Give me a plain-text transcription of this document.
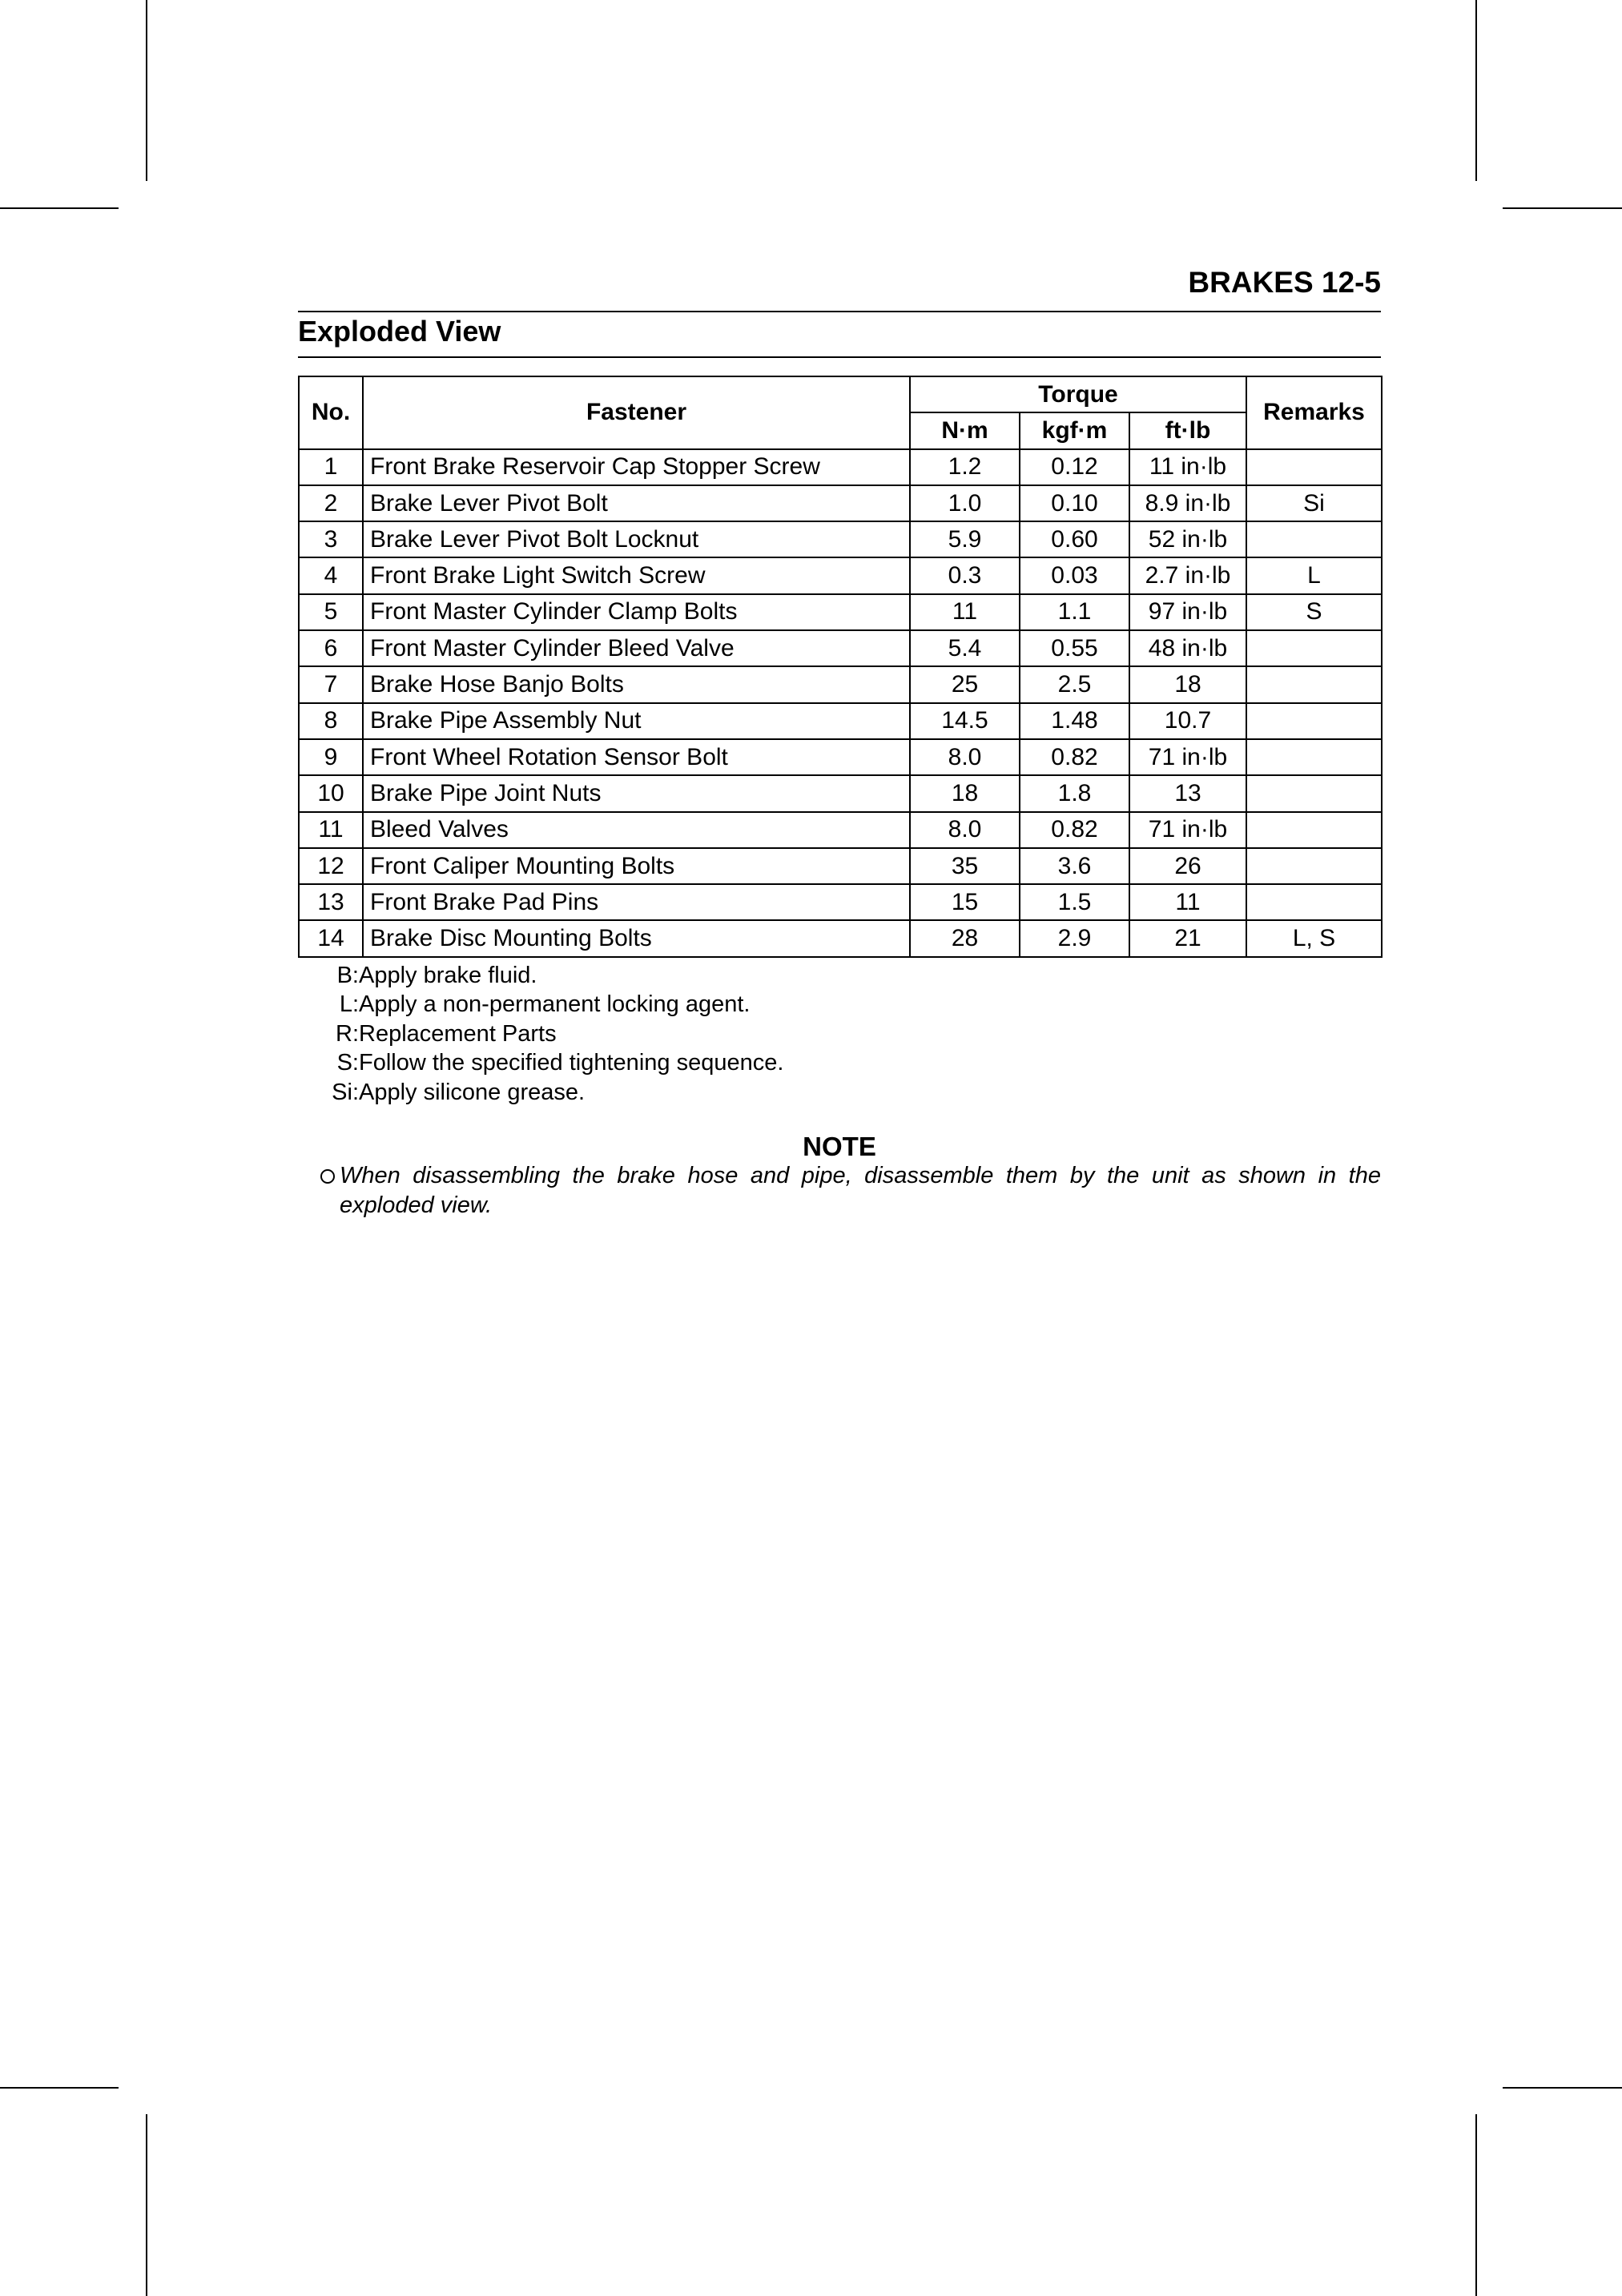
BRAKES 12-5
Exploded View
No.	Fastener	Torque			Remarks
		N·m	kgf·m	ft·lb	
1	Front Brake Reservoir Cap Stopper Screw	1.2	0.12	11 in·lb	
2	Brake Lever Pivot Bolt	1.0	0.10	8.9 in·lb	Si
3	Brake Lever Pivot Bolt Locknut	5.9	0.60	52 in·lb	
4	Front Brake Light Switch Screw	0.3	0.03	2.7 in·lb	L
5	Front Master Cylinder Clamp Bolts	11	1.1	97 in·lb	S
6	Front Master Cylinder Bleed Valve	5.4	0.55	48 in·lb	
7	Brake Hose Banjo Bolts	25	2.5	18	
8	Brake Pipe Assembly Nut	14.5	1.48	10.7	
9	Front Wheel Rotation Sensor Bolt	8.0	0.82	71 in·lb	
10	Brake Pipe Joint Nuts	18	1.8	13	
11	Bleed Valves	8.0	0.82	71 in·lb	
12	Front Caliper Mounting Bolts	35	3.6	26	
13	Front Brake Pad Pins	15	1.5	11	
14	Brake Disc Mounting Bolts	28	2.9	21	L, S
B: Apply brake fluid.
L: Apply a non-permanent locking agent.
R: Replacement Parts
S: Follow the specified tightening sequence.
Si: Apply silicone grease.
NOTE
When disassembling the brake hose and pipe, disassemble them by the unit as shown in the
exploded view.
